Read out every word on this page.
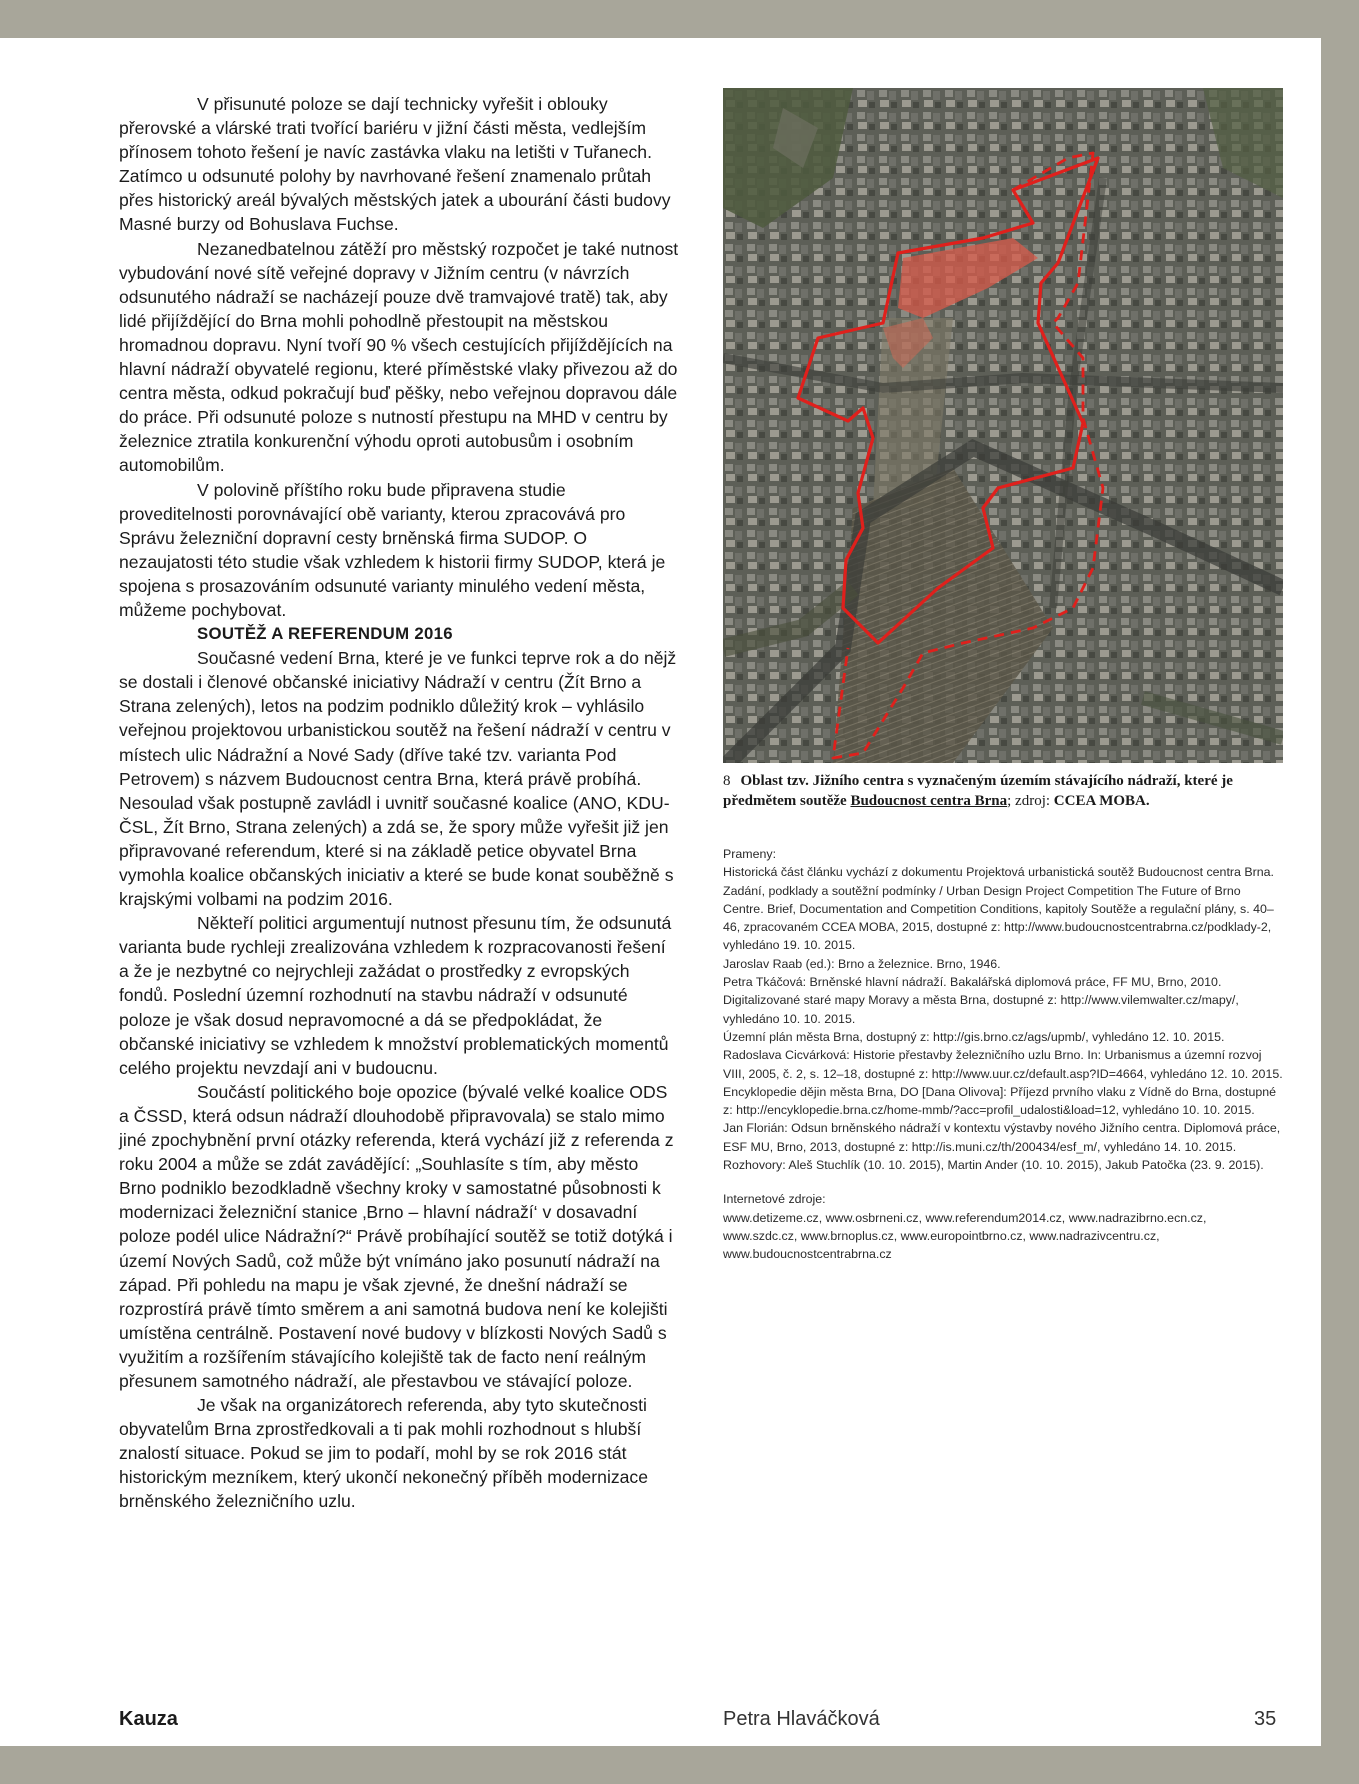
V přisunuté poloze se dají technicky vyřešit i oblouky přerovské a vlárské trati tvořící bariéru v jižní části města, vedlejším přínosem tohoto řešení je navíc zastávka vlaku na letišti v Tuřanech. Zatímco u odsunuté polohy by navrhované řešení znamenalo průtah přes historický areál bývalých městských jatek a ubourání části budovy Masné burzy od Bohuslava Fuchse.

Nezanedbatelnou zátěží pro městský rozpočet je také nutnost vybudování nové sítě veřejné dopravy v Jižním centru (v návrzích odsunutého nádraží se nacházejí pouze dvě tramvajové tratě) tak, aby lidé přijíždějící do Brna mohli pohodlně přestoupit na městskou hromadnou dopravu. Nyní tvoří 90 % všech cestujících přijíždějících na hlavní nádraží obyvatelé regionu, které příměstské vlaky přivezou až do centra města, odkud pokračují buď pěšky, nebo veřejnou dopravou dále do práce. Při odsunuté poloze s nutností přestupu na MHD v centru by železnice ztratila konkurenční výhodu oproti autobusům i osobním automobilům.

V polovině příštího roku bude připravena studie proveditelnosti porovnávající obě varianty, kterou zpracovává pro Správu železniční dopravní cesty brněnská firma SUDOP. O nezaujatosti této studie však vzhledem k historii firmy SUDOP, která je spojena s prosazováním odsunuté varianty minulého vedení města, můžeme pochybovat.

SOUTĚŽ A REFERENDUM 2016

Současné vedení Brna, které je ve funkci teprve rok a do nějž se dostali i členové občanské iniciativy Nádraží v centru (Žít Brno a Strana zelených), letos na podzim podniklo důležitý krok – vyhlásilo veřejnou projektovou urbanistickou soutěž na řešení nádraží v centru v místech ulic Nádražní a Nové Sady (dříve také tzv. varianta Pod Petrovem) s názvem Budoucnost centra Brna, která právě probíhá. Nesoulad však postupně zavládl i uvnitř současné koalice (ANO, KDU-ČSL, Žít Brno, Strana zelených) a zdá se, že spory může vyřešit již jen připravované referendum, které si na základě petice obyvatel Brna vymohla koalice občanských iniciativ a které se bude konat souběžně s krajskými volbami na podzim 2016.

Někteří politici argumentují nutnost přesunu tím, že odsunutá varianta bude rychleji zrealizována vzhledem k rozpracovanosti řešení a že je nezbytné co nejrychleji zažádat o prostředky z evropských fondů. Poslední územní rozhodnutí na stavbu nádraží v odsunuté poloze je však dosud nepravomocné a dá se předpokládat, že občanské iniciativy se vzhledem k množství problematických momentů celého projektu nevzdají ani v budoucnu.

Součástí politického boje opozice (bývalé velké koalice ODS a ČSSD, která odsun nádraží dlouhodobě připravovala) se stalo mimo jiné zpochybnění první otázky referenda, která vychází již z referenda z roku 2004 a může se zdát zavádějící: „Souhlasíte s tím, aby město Brno podniklo bezodkladně všechny kroky v samostatné působnosti k modernizaci železniční stanice ‚Brno – hlavní nádraží‘ v dosavadní poloze podél ulice Nádražní?“ Právě probíhající soutěž se totiž dotýká i území Nových Sadů, což může být vnímáno jako posunutí nádraží na západ. Při pohledu na mapu je však zjevné, že dnešní nádraží se rozprostírá právě tímto směrem a ani samotná budova není ke kolejišti umístěna centrálně. Postavení nové budovy v blízkosti Nových Sadů s využitím a rozšířením stávajícího kolejiště tak de facto není reálným přesunem samotného nádraží, ale přestavbou ve stávající poloze.

Je však na organizátorech referenda, aby tyto skutečnosti obyvatelům Brna zprostředkovali a ti pak mohli rozhodnout s hlubší znalostí situace. Pokud se jim to podaří, mohl by se rok 2016 stát historickým mezníkem, který ukončí nekonečný příběh modernizace brněnského železničního uzlu.

8 Oblast tzv. Jižního centra s vyznačeným územím stávajícího nádraží, které je předmětem soutěže Budoucnost centra Brna; zdroj: CCEA MOBA.

Prameny:

Historická část článku vychází z dokumentu Projektová urbanistická soutěž Budoucnost centra Brna. Zadání, podklady a soutěžní podmínky / Urban Design Project Competition The Future of Brno Centre. Brief, Documentation and Competition Conditions, kapitoly Soutěže a regulační plány, s. 40–46, zpracovaném CCEA MOBA, 2015, dostupné z: http://www.budoucnostcentrabrna.cz/podklady-2, vyhledáno 19. 10. 2015.

Jaroslav Raab (ed.): Brno a železnice. Brno, 1946.

Petra Tkáčová: Brněnské hlavní nádraží. Bakalářská diplomová práce, FF MU, Brno, 2010.

Digitalizované staré mapy Moravy a města Brna, dostupné z: http://www.vilemwalter.cz/mapy/, vyhledáno 10. 10. 2015.

Územní plán města Brna, dostupný z: http://gis.brno.cz/ags/upmb/, vyhledáno 12. 10. 2015.

Radoslava Cicvárková: Historie přestavby železničního uzlu Brno. In: Urbanismus a územní rozvoj VIII, 2005, č. 2, s. 12–18, dostupné z: http://www.uur.cz/default.asp?ID=4664, vyhledáno 12. 10. 2015.

Encyklopedie dějin města Brna, DO [Dana Olivova]: Příjezd prvního vlaku z Vídně do Brna, dostupné z: http://encyklopedie.brna.cz/home-mmb/?acc=profil_udalosti&load=12, vyhledáno 10. 10. 2015.

Jan Florián: Odsun brněnského nádraží v kontextu výstavby nového Jižního centra. Diplomová práce, ESF MU, Brno, 2013, dostupné z: http://is.muni.cz/th/200434/esf_m/, vyhledáno 14. 10. 2015.

Rozhovory: Aleš Stuchlík (10. 10. 2015), Martin Ander (10. 10. 2015), Jakub Patočka (23. 9. 2015).

Internetové zdroje:

www.detizeme.cz, www.osbrneni.cz, www.referendum2014.cz, www.nadrazibrno.ecn.cz, www.szdc.cz, www.brnoplus.cz, www.europointbrno.cz, www.nadrazivcentru.cz, www.budoucnostcentrabrna.cz

Kauza	Petra Hlaváčková	35
